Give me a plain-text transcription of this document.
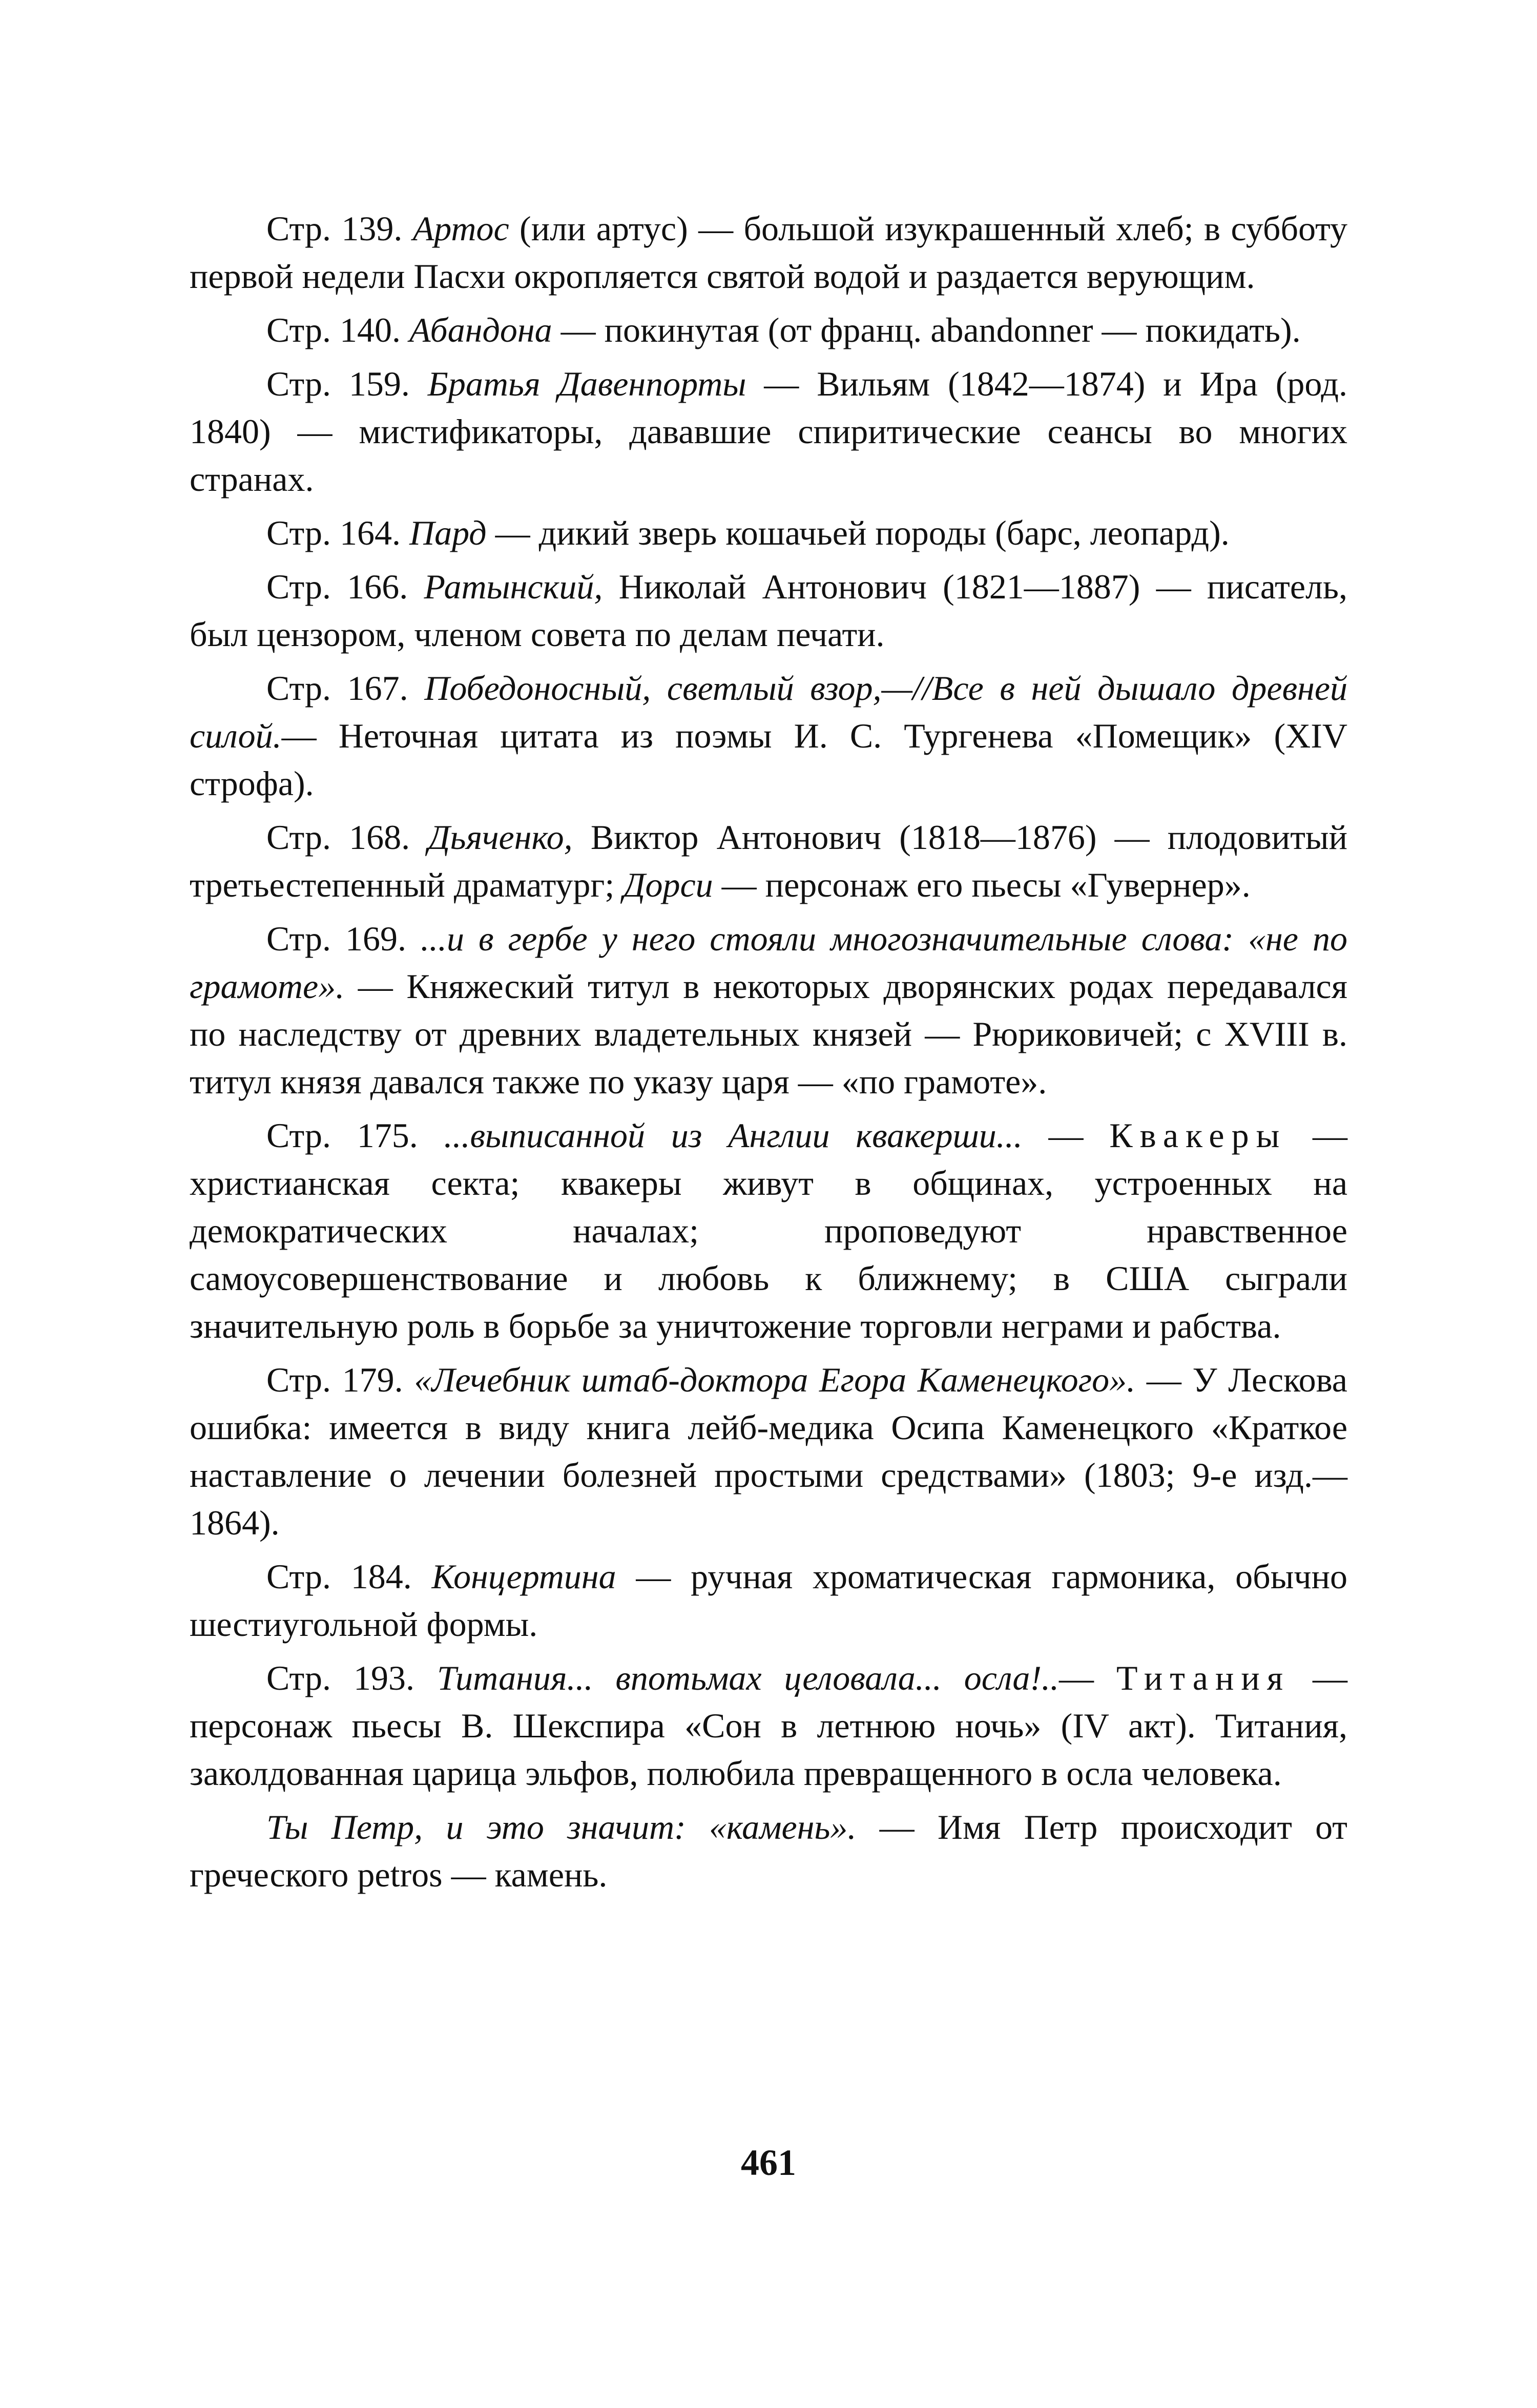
Стр. 139. Артос (или артус) — большой изукрашенный хлеб; в субботу первой недели Пасхи окропляется святой водой и раздается верующим.

Стр. 140. Абандона — покинутая (от франц. abandonner — покидать).

Стр. 159. Братья Давенпорты — Вильям (1842—1874) и Ира (род. 1840) — мистификаторы, дававшие спиритические сеансы во многих странах.

Стр. 164. Пард — дикий зверь кошачьей породы (барс, леопард).

Стр. 166. Ратынский, Николай Антонович (1821—1887) — писатель, был цензором, членом совета по делам печати.

Стр. 167. Победоносный, светлый взор,—//Все в ней дышало древней силой.— Неточная цитата из поэмы И. С. Тургенева «Помещик» (XIV строфа).

Стр. 168. Дьяченко, Виктор Антонович (1818—1876) — плодовитый третьестепенный драматург; Дорси — персонаж его пьесы «Гувернер».

Стр. 169. ...и в гербе у него стояли многозначительные слова: «не по грамоте». — Княжеский титул в некоторых дворянских родах передавался по наследству от древних владетельных князей — Рюриковичей; с XVIII в. титул князя давался также по указу царя — «по грамоте».

Стр. 175. ...выписанной из Англии квакерши... — Квакеры — христианская секта; квакеры живут в общинах, устроенных на демократических началах; проповедуют нравственное самоусовершенствование и любовь к ближнему; в США сыграли значительную роль в борьбе за уничтожение торговли неграми и рабства.

Стр. 179. «Лечебник штаб-доктора Егора Каменецкого». — У Лескова ошибка: имеется в виду книга лейб-медика Осипа Каменецкого «Краткое наставление о лечении болезней простыми средствами» (1803; 9-е изд.— 1864).

Стр. 184. Концертина — ручная хроматическая гармоника, обычно шестиугольной формы.

Стр. 193. Титания... впотьмах целовала... осла!..— Титания — персонаж пьесы В. Шекспира «Сон в летнюю ночь» (IV акт). Титания, заколдованная царица эльфов, полюбила превращенного в осла человека.

Ты Петр, и это значит: «камень». — Имя Петр происходит от греческого petros — камень.

461
